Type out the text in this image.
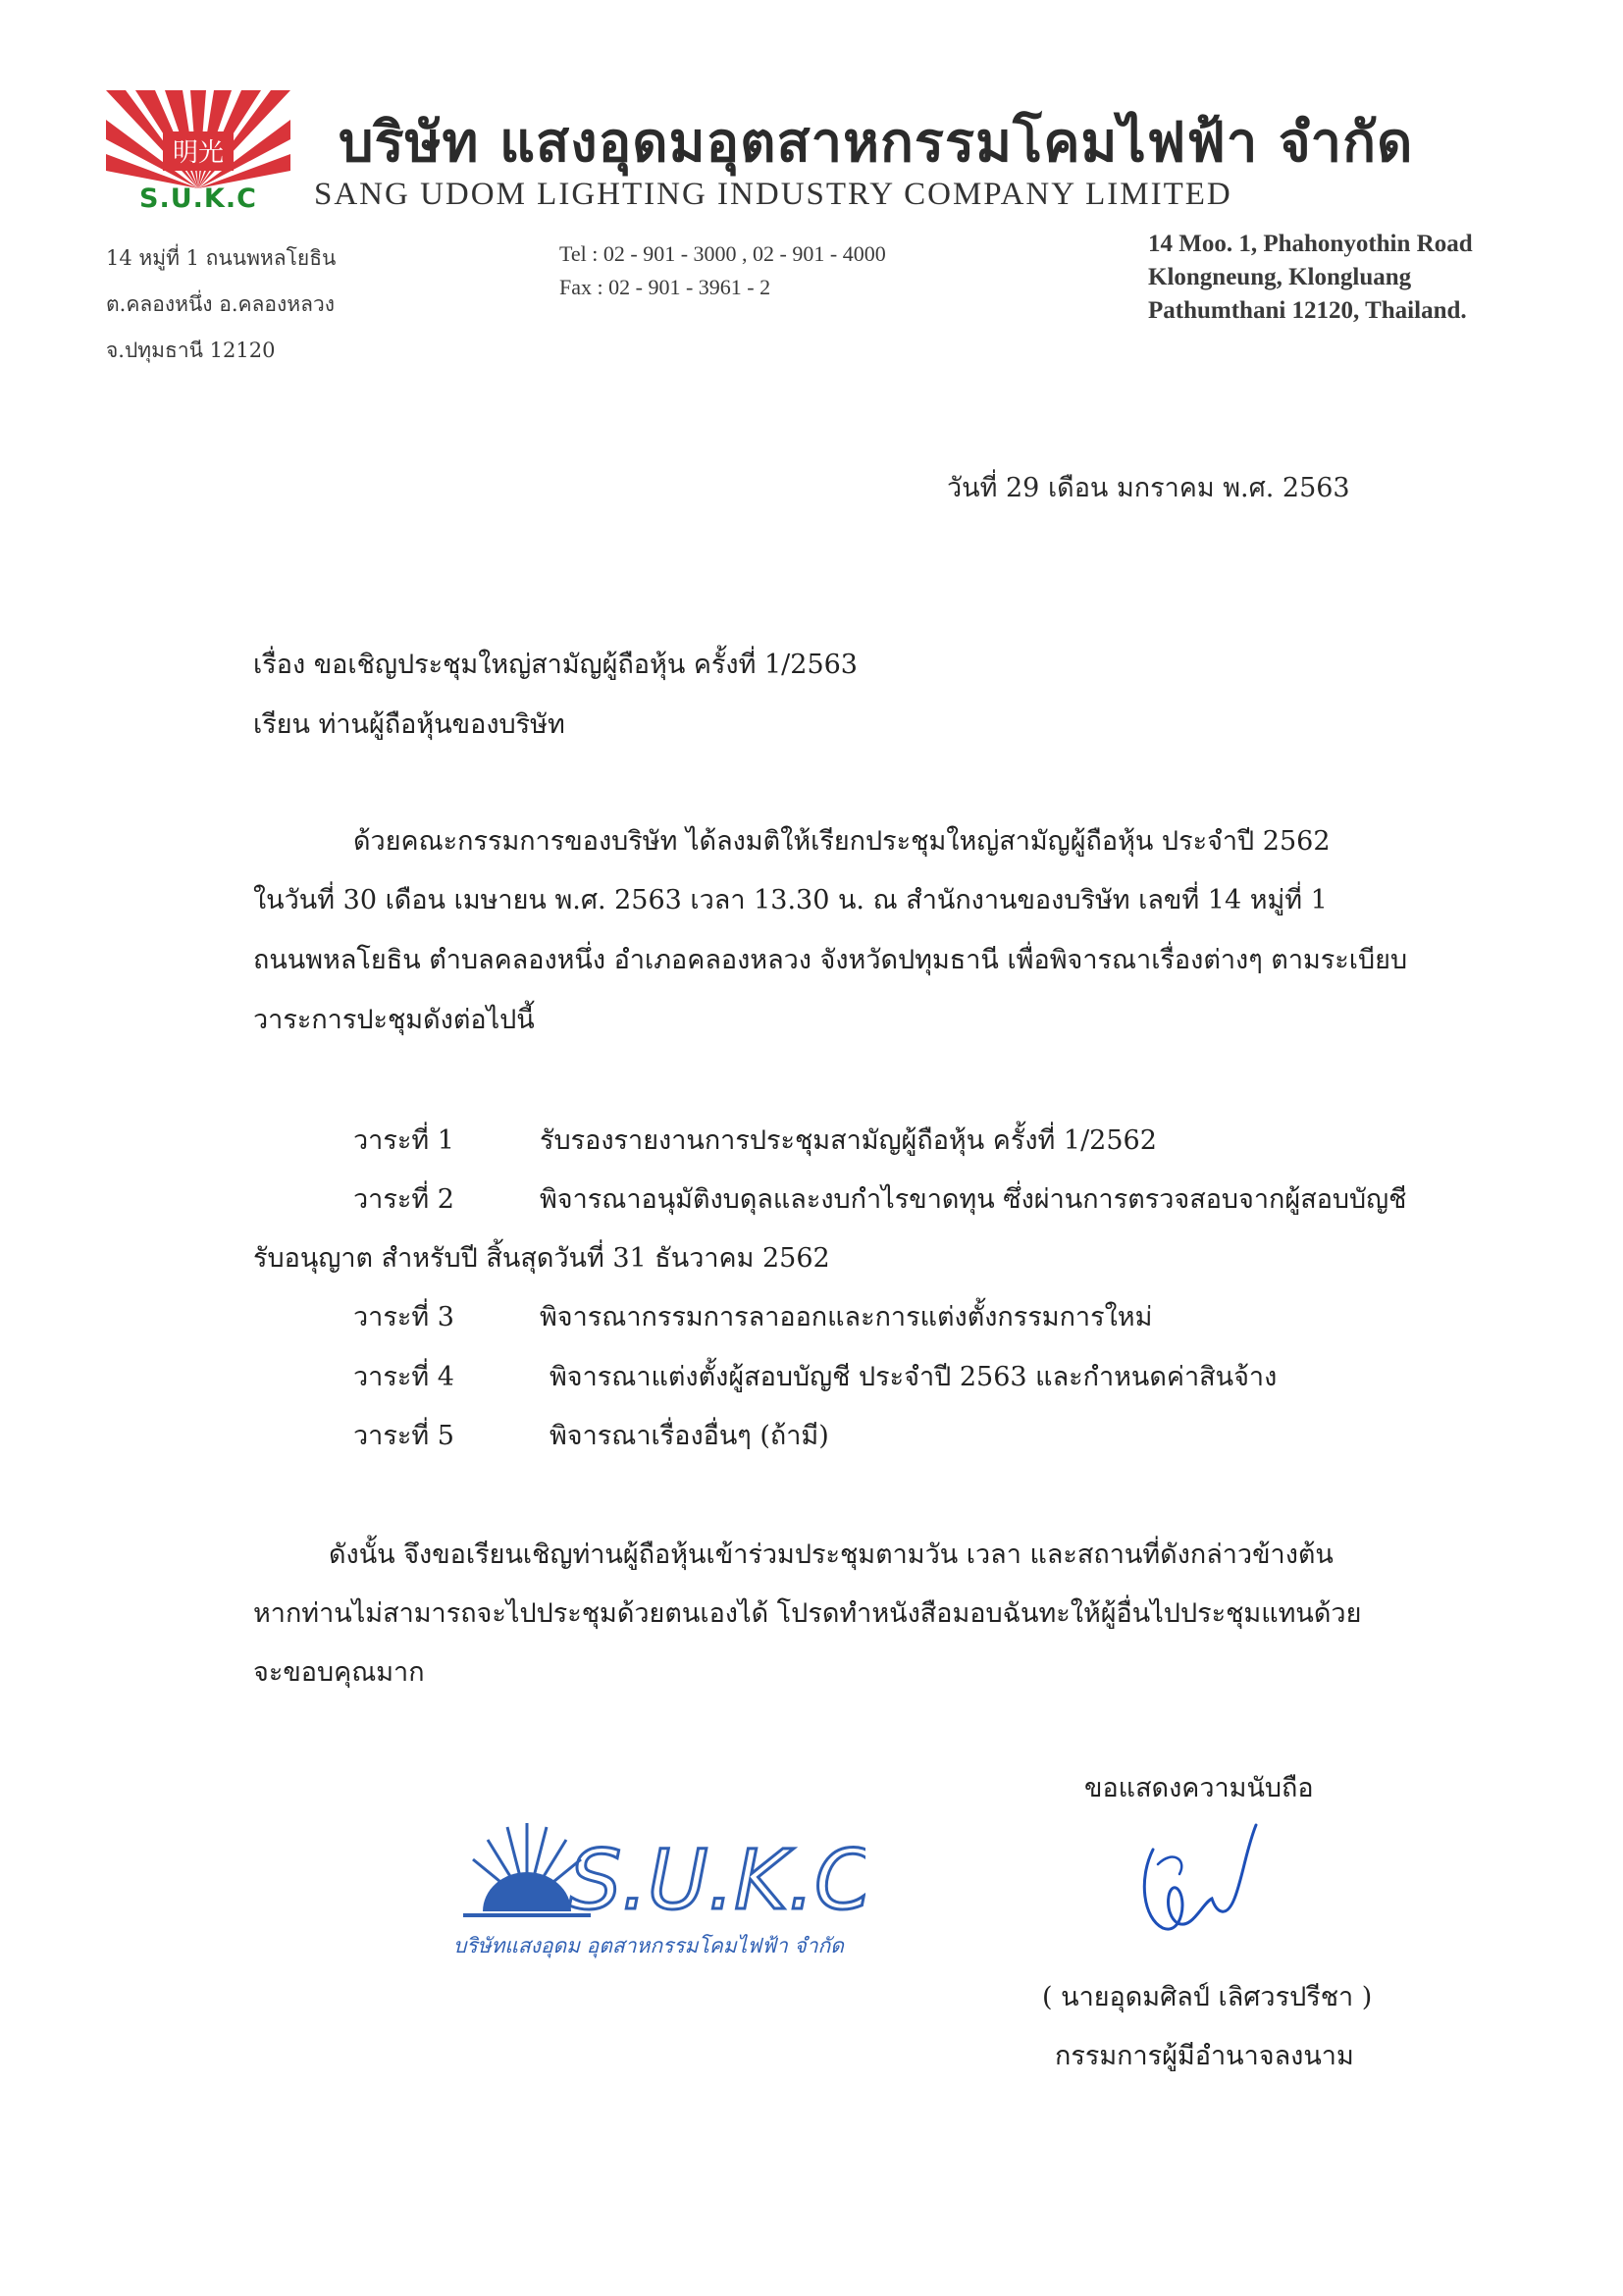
明光
S.U.K.C
บริษัท แสงอุดมอุตสาหกรรมโคมไฟฟ้า จำกัด
SANG UDOM LIGHTING INDUSTRY COMPANY LIMITED
14 หมู่ที่ 1 ถนนพหลโยธิน
ต.คลองหนึ่ง อ.คลองหลวง
จ.ปทุมธานี 12120
Tel : 02 - 901 - 3000 , 02 - 901 - 4000
Fax : 02 - 901 - 3961 - 2
14 Moo. 1, Phahonyothin Road
Klongneung, Klongluang
Pathumthani 12120, Thailand.
วันที่ 29 เดือน มกราคม พ.ศ. 2563
เรื่อง ขอเชิญประชุมใหญ่สามัญผู้ถือหุ้น ครั้งที่ 1/2563
เรียน ท่านผู้ถือหุ้นของบริษัท
ด้วยคณะกรรมการของบริษัท ได้ลงมติให้เรียกประชุมใหญ่สามัญผู้ถือหุ้น ประจำปี 2562
ในวันที่ 30 เดือน เมษายน พ.ศ. 2563 เวลา 13.30 น. ณ สำนักงานของบริษัท เลขที่ 14 หมู่ที่ 1
ถนนพหลโยธิน ตำบลคลองหนึ่ง อำเภอคลองหลวง จังหวัดปทุมธานี เพื่อพิจารณาเรื่องต่างๆ ตามระเบียบ
วาระการปะชุมดังต่อไปนี้
วาระที่ 1	รับรองรายงานการประชุมสามัญผู้ถือหุ้น ครั้งที่ 1/2562
วาระที่ 2	พิจารณาอนุมัติงบดุลและงบกำไรขาดทุน ซึ่งผ่านการตรวจสอบจากผู้สอบบัญชี
รับอนุญาต สำหรับปี สิ้นสุดวันที่ 31 ธันวาคม 2562
วาระที่ 3	พิจารณากรรมการลาออกและการแต่งตั้งกรรมการใหม่
วาระที่ 4	พิจารณาแต่งตั้งผู้สอบบัญชี ประจำปี 2563 และกำหนดค่าสินจ้าง
วาระที่ 5	พิจารณาเรื่องอื่นๆ (ถ้ามี)
ดังนั้น จึงขอเรียนเชิญท่านผู้ถือหุ้นเข้าร่วมประชุมตามวัน เวลา และสถานที่ดังกล่าวข้างต้น
หากท่านไม่สามารถจะไปประชุมด้วยตนเองได้ โปรดทำหนังสือมอบฉันทะให้ผู้อื่นไปประชุมแทนด้วย
จะขอบคุณมาก
ขอแสดงความนับถือ
S.U.K.C
บริษัทแสงอุดม อุตสาหกรรมโคมไฟฟ้า จำกัด
( นายอุดมศิลป์ เลิศวรปรีชา )
กรรมการผู้มีอำนาจลงนาม
